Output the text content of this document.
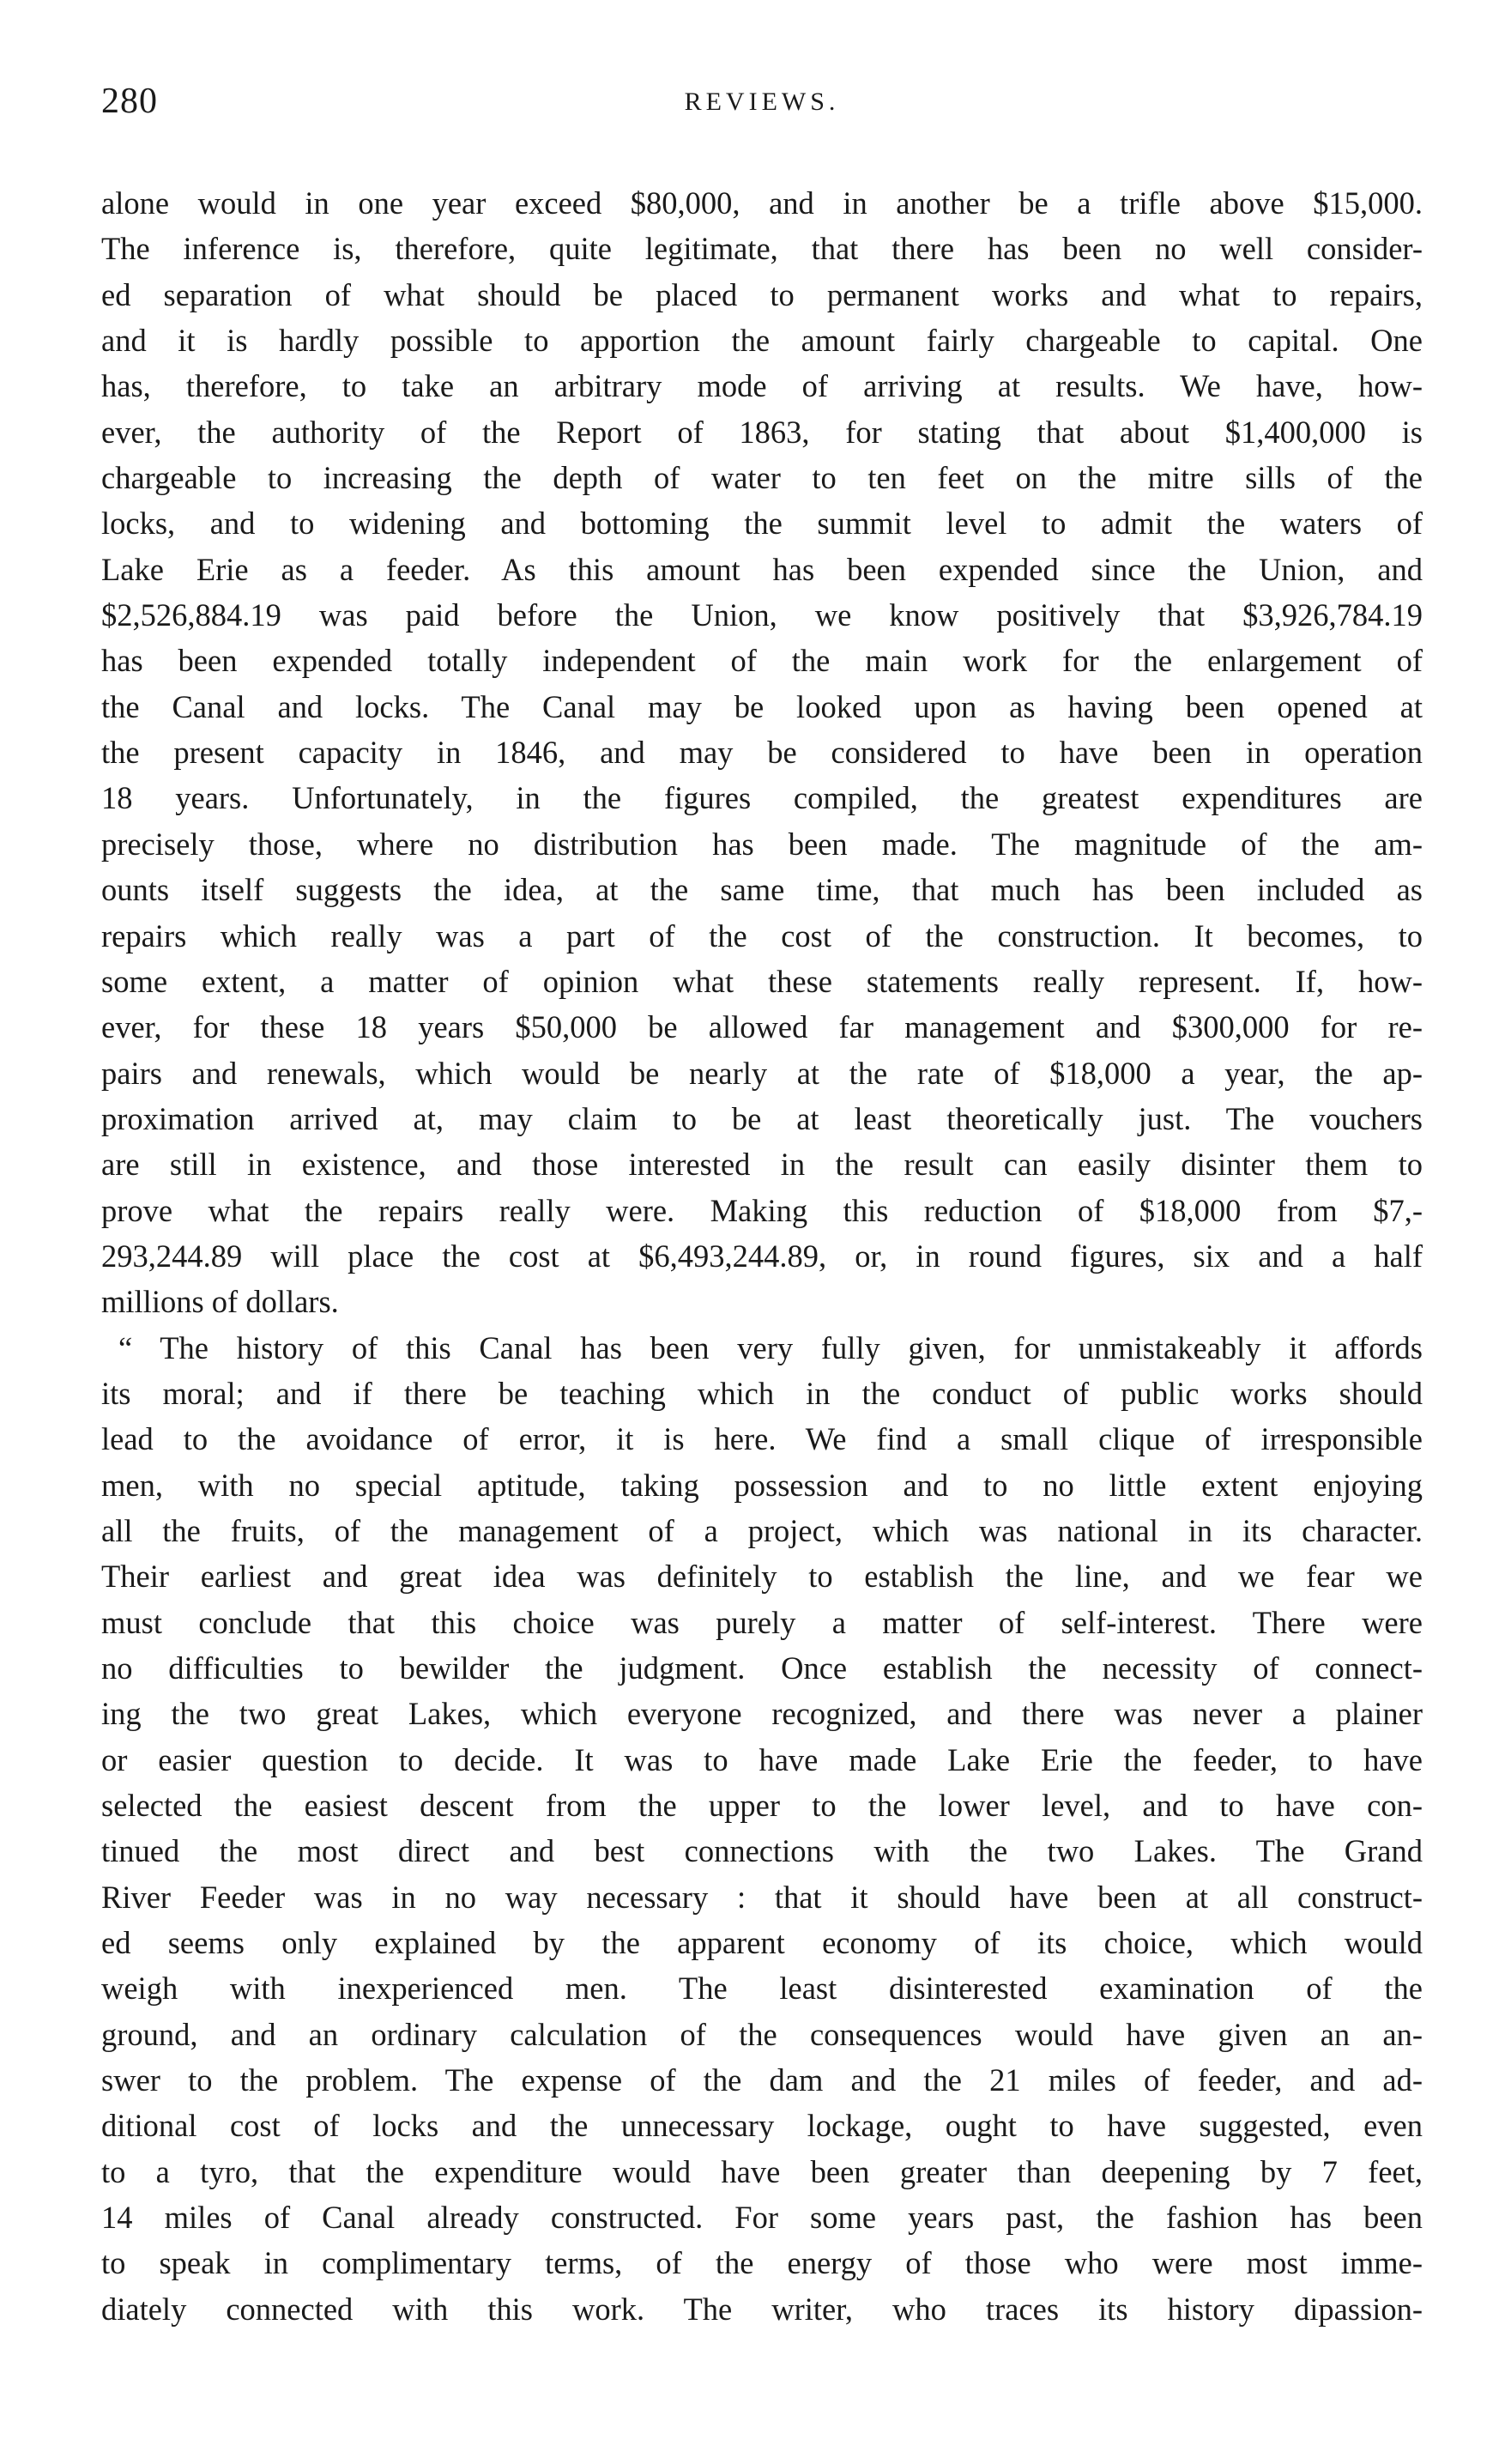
280	REVIEWS.
alone would in one year exceed $80,000, and in another be a trifle above $15,000.
The inference is, therefore, quite legitimate, that there has been no well consider-
ed separation of what should be placed to permanent works and what to repairs,
and it is hardly possible to apportion the amount fairly chargeable to capital. One
has, therefore, to take an arbitrary mode of arriving at results. We have, how-
ever, the authority of the Report of 1863, for stating that about $1,400,000 is
chargeable to increasing the depth of water to ten feet on the mitre sills of the
locks, and to widening and bottoming the summit level to admit the waters of
Lake Erie as a feeder. As this amount has been expended since the Union, and
$2,526,884.19 was paid before the Union, we know positively that $3,926,784.19
has been expended totally independent of the main work for the enlargement of
the Canal and locks. The Canal may be looked upon as having been opened at
the present capacity in 1846, and may be considered to have been in operation
18 years. Unfortunately, in the figures compiled, the greatest expenditures are
precisely those, where no distribution has been made. The magnitude of the am-
ounts itself suggests the idea, at the same time, that much has been included as
repairs which really was a part of the cost of the construction. It becomes, to
some extent, a matter of opinion what these statements really represent. If, how-
ever, for these 18 years $50,000 be allowed far management and $300,000 for re-
pairs and renewals, which would be nearly at the rate of $18,000 a year, the ap-
proximation arrived at, may claim to be at least theoretically just. The vouchers
are still in existence, and those interested in the result can easily disinter them to
prove what the repairs really were. Making this reduction of $18,000 from $7,-
293,244.89 will place the cost at $6,493,244.89, or, in round figures, six and a half
millions of dollars.
“ The history of this Canal has been very fully given, for unmistakeably it affords
its moral; and if there be teaching which in the conduct of public works should
lead to the avoidance of error, it is here. We find a small clique of irresponsible
men, with no special aptitude, taking possession and to no little extent enjoying
all the fruits, of the management of a project, which was national in its character.
Their earliest and great idea was definitely to establish the line, and we fear we
must conclude that this choice was purely a matter of self-interest. There were
no difficulties to bewilder the judgment. Once establish the necessity of connect-
ing the two great Lakes, which everyone recognized, and there was never a plainer
or easier question to decide. It was to have made Lake Erie the feeder, to have
selected the easiest descent from the upper to the lower level, and to have con-
tinued the most direct and best connections with the two Lakes. The Grand
River Feeder was in no way necessary : that it should have been at all construct-
ed seems only explained by the apparent economy of its choice, which would
weigh with inexperienced men. The least disinterested examination of the
ground, and an ordinary calculation of the consequences would have given an an-
swer to the problem. The expense of the dam and the 21 miles of feeder, and ad-
ditional cost of locks and the unnecessary lockage, ought to have suggested, even
to a tyro, that the expenditure would have been greater than deepening by 7 feet,
14 miles of Canal already constructed. For some years past, the fashion has been
to speak in complimentary terms, of the energy of those who were most imme-
diately connected with this work. The writer, who traces its history dipassion-
